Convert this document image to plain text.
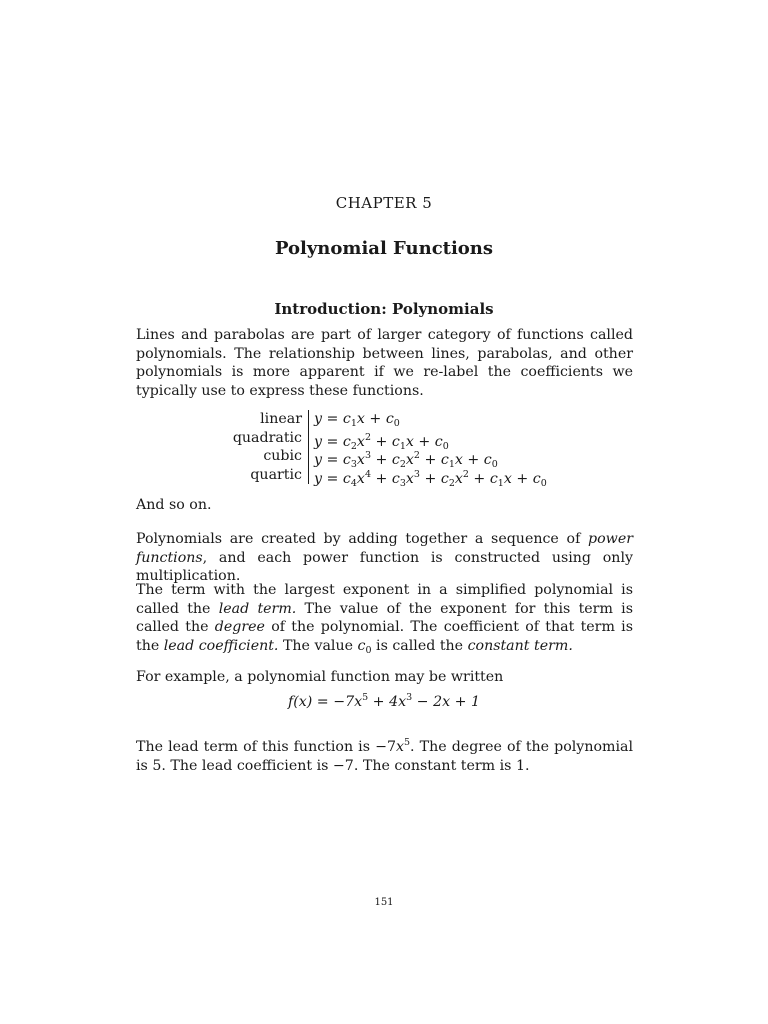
CHAPTER 5
Polynomial Functions
Introduction: Polynomials
Lines and parabolas are part of larger category of functions called polynomials. The relationship between lines, parabolas, and other polynomials is more apparent if we re-label the coefficients we typically use to express these functions.
linear $y = c_1x + c_0$
quadratic $y = c_2x^2 + c_1x + c_0$
cubic $y = c_3x^3 + c_2x^2 + c_1x + c_0$
quartic $y = c_4x^4 + c_3x^3 + c_2x^2 + c_1x + c_0$
And so on.
Polynomials are created by adding together a sequence of power functions, and each power function is constructed using only multiplication.
The term with the largest exponent in a simplified polynomial is called the lead term. The value of the exponent for this term is called the degree of the polynomial. The coefficient of that term is the lead coefficient. The value $c_0$ is called the constant term.
For example, a polynomial function may be written
$f(x) = -7x^5 + 4x^3 - 2x + 1$
The lead term of this function is $-7x^5$. The degree of the polynomial is 5. The lead coefficient is −7. The constant term is 1.
151
